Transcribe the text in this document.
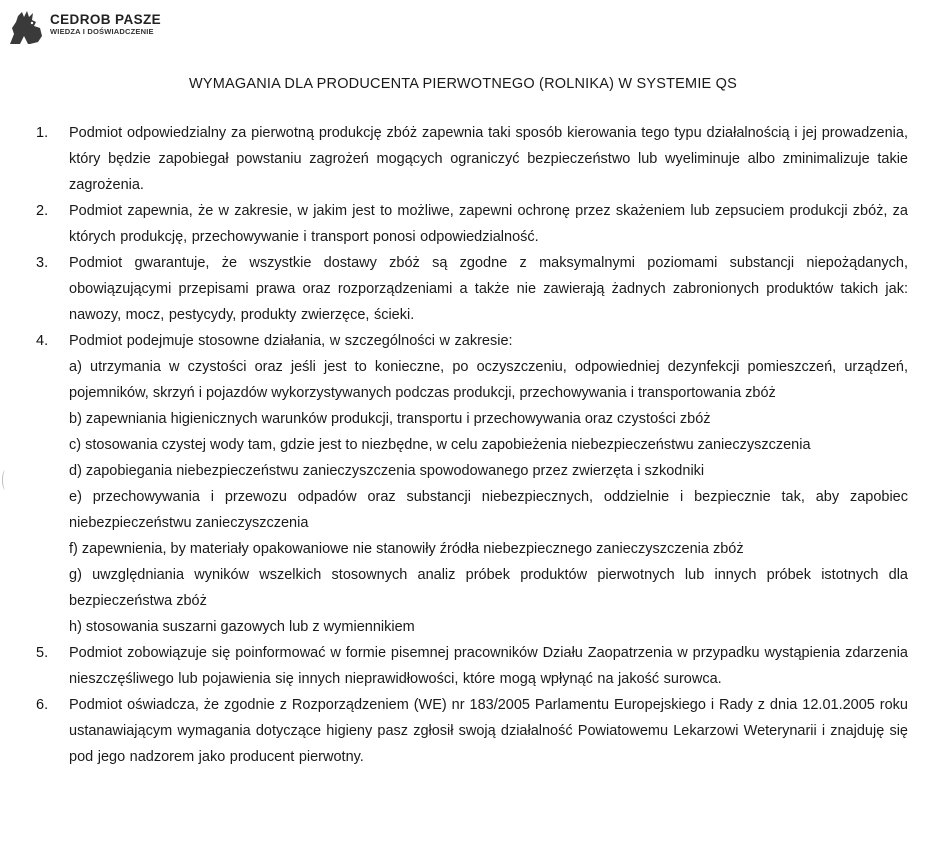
CEDROB PASZE
WIEDZA I DOŚWIADCZENIE
WYMAGANIA DLA PRODUCENTA PIERWOTNEGO (ROLNIKA) W SYSTEMIE QS
1. Podmiot odpowiedzialny za pierwotną produkcję zbóż zapewnia taki sposób kierowania tego typu działalnością i jej prowadzenia, który będzie zapobiegał powstaniu zagrożeń mogących ograniczyć bezpieczeństwo lub wyeliminuje albo zminimalizuje takie zagrożenia.
2. Podmiot zapewnia, że w zakresie, w jakim jest to możliwe, zapewni ochronę przez skażeniem lub zepsuciem produkcji zbóż, za których produkcję, przechowywanie i transport ponosi odpowiedzialność.
3. Podmiot gwarantuje, że wszystkie dostawy zbóż są zgodne z maksymalnymi poziomami substancji niepożądanych, obowiązującymi przepisami prawa oraz rozporządzeniami a także nie zawierają żadnych zabronionych produktów takich jak: nawozy, mocz, pestycydy, produkty zwierzęce, ścieki.
4. Podmiot podejmuje stosowne działania, w szczególności w zakresie:
a) utrzymania w czystości oraz jeśli jest to konieczne, po oczyszczeniu, odpowiedniej dezynfekcji pomieszczeń, urządzeń, pojemników, skrzyń i pojazdów wykorzystywanych podczas produkcji, przechowywania i transportowania zbóż
b) zapewniania higienicznych warunków produkcji, transportu i przechowywania oraz czystości zbóż
c) stosowania czystej wody tam, gdzie jest to niezbędne, w celu zapobieżenia niebezpieczeństwu zanieczyszczenia
d) zapobiegania niebezpieczeństwu zanieczyszczenia spowodowanego przez zwierzęta i szkodniki
e) przechowywania i przewozu odpadów oraz substancji niebezpiecznych, oddzielnie i bezpiecznie tak, aby zapobiec niebezpieczeństwu zanieczyszczenia
f) zapewnienia, by materiały opakowaniowe nie stanowiły źródła niebezpiecznego zanieczyszczenia zbóż
g) uwzględniania wyników wszelkich stosownych analiz próbek produktów pierwotnych lub innych próbek istotnych dla bezpieczeństwa zbóż
h) stosowania suszarni gazowych lub z wymiennikiem
5. Podmiot zobowiązuje się poinformować w formie pisemnej pracowników Działu Zaopatrzenia w przypadku wystąpienia zdarzenia nieszczęśliwego lub pojawienia się innych nieprawidłowości, które mogą wpłynąć na jakość surowca.
6. Podmiot oświadcza, że zgodnie z Rozporządzeniem (WE) nr 183/2005 Parlamentu Europejskiego i Rady z dnia 12.01.2005 roku ustanawiającym wymagania dotyczące higieny pasz zgłosił swoją działalność Powiatowemu Lekarzowi Weterynarii i znajduję się pod jego nadzorem jako producent pierwotny.
